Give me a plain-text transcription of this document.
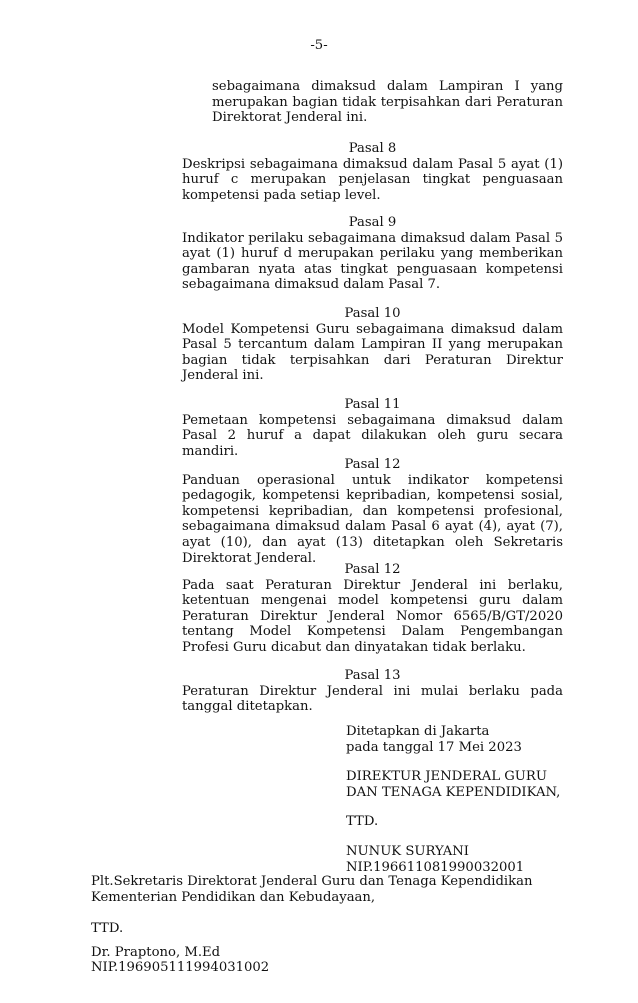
-5-

sebagaimana dimaksud dalam Lampiran I yang merupakan bagian tidak terpisahkan dari Peraturan Direktorat Jenderal ini.

Pasal 8

Deskripsi sebagaimana dimaksud dalam Pasal 5 ayat (1) huruf c merupakan penjelasan tingkat penguasaan kompetensi pada setiap level.

Pasal 9

Indikator perilaku sebagaimana dimaksud dalam Pasal 5 ayat (1) huruf d merupakan perilaku yang memberikan gambaran nyata atas tingkat penguasaan kompetensi sebagaimana dimaksud dalam Pasal 7.

Pasal 10

Model Kompetensi Guru sebagaimana dimaksud dalam Pasal 5 tercantum dalam Lampiran II yang merupakan bagian tidak terpisahkan dari Peraturan Direktur Jenderal ini.

Pasal 11

Pemetaan kompetensi sebagaimana dimaksud dalam Pasal 2 huruf a dapat dilakukan oleh guru secara mandiri.

Pasal 12

Panduan operasional untuk indikator kompetensi pedagogik, kompetensi kepribadian, kompetensi sosial, kompetensi kepribadian, dan kompetensi profesional, sebagaimana dimaksud dalam Pasal 6 ayat (4), ayat (7), ayat (10), dan ayat (13) ditetapkan oleh Sekretaris Direktorat Jenderal.

Pasal 12

Pada saat Peraturan Direktur Jenderal ini berlaku, ketentuan mengenai model kompetensi guru dalam Peraturan Direktur Jenderal Nomor 6565/B/GT/2020 tentang Model Kompetensi Dalam Pengembangan Profesi Guru dicabut dan dinyatakan tidak berlaku.

Pasal 13

Peraturan Direktur Jenderal ini mulai berlaku pada tanggal ditetapkan.

Ditetapkan di Jakarta
pada tanggal 17 Mei 2023
DIREKTUR JENDERAL GURU
DAN TENAGA KEPENDIDIKAN,
TTD.
NUNUK SURYANI
NIP.196611081990032001
Plt.Sekretaris Direktorat Jenderal Guru dan Tenaga Kependidikan
Kementerian Pendidikan dan Kebudayaan,
TTD.
Dr. Praptono, M.Ed
NIP.196905111994031002
